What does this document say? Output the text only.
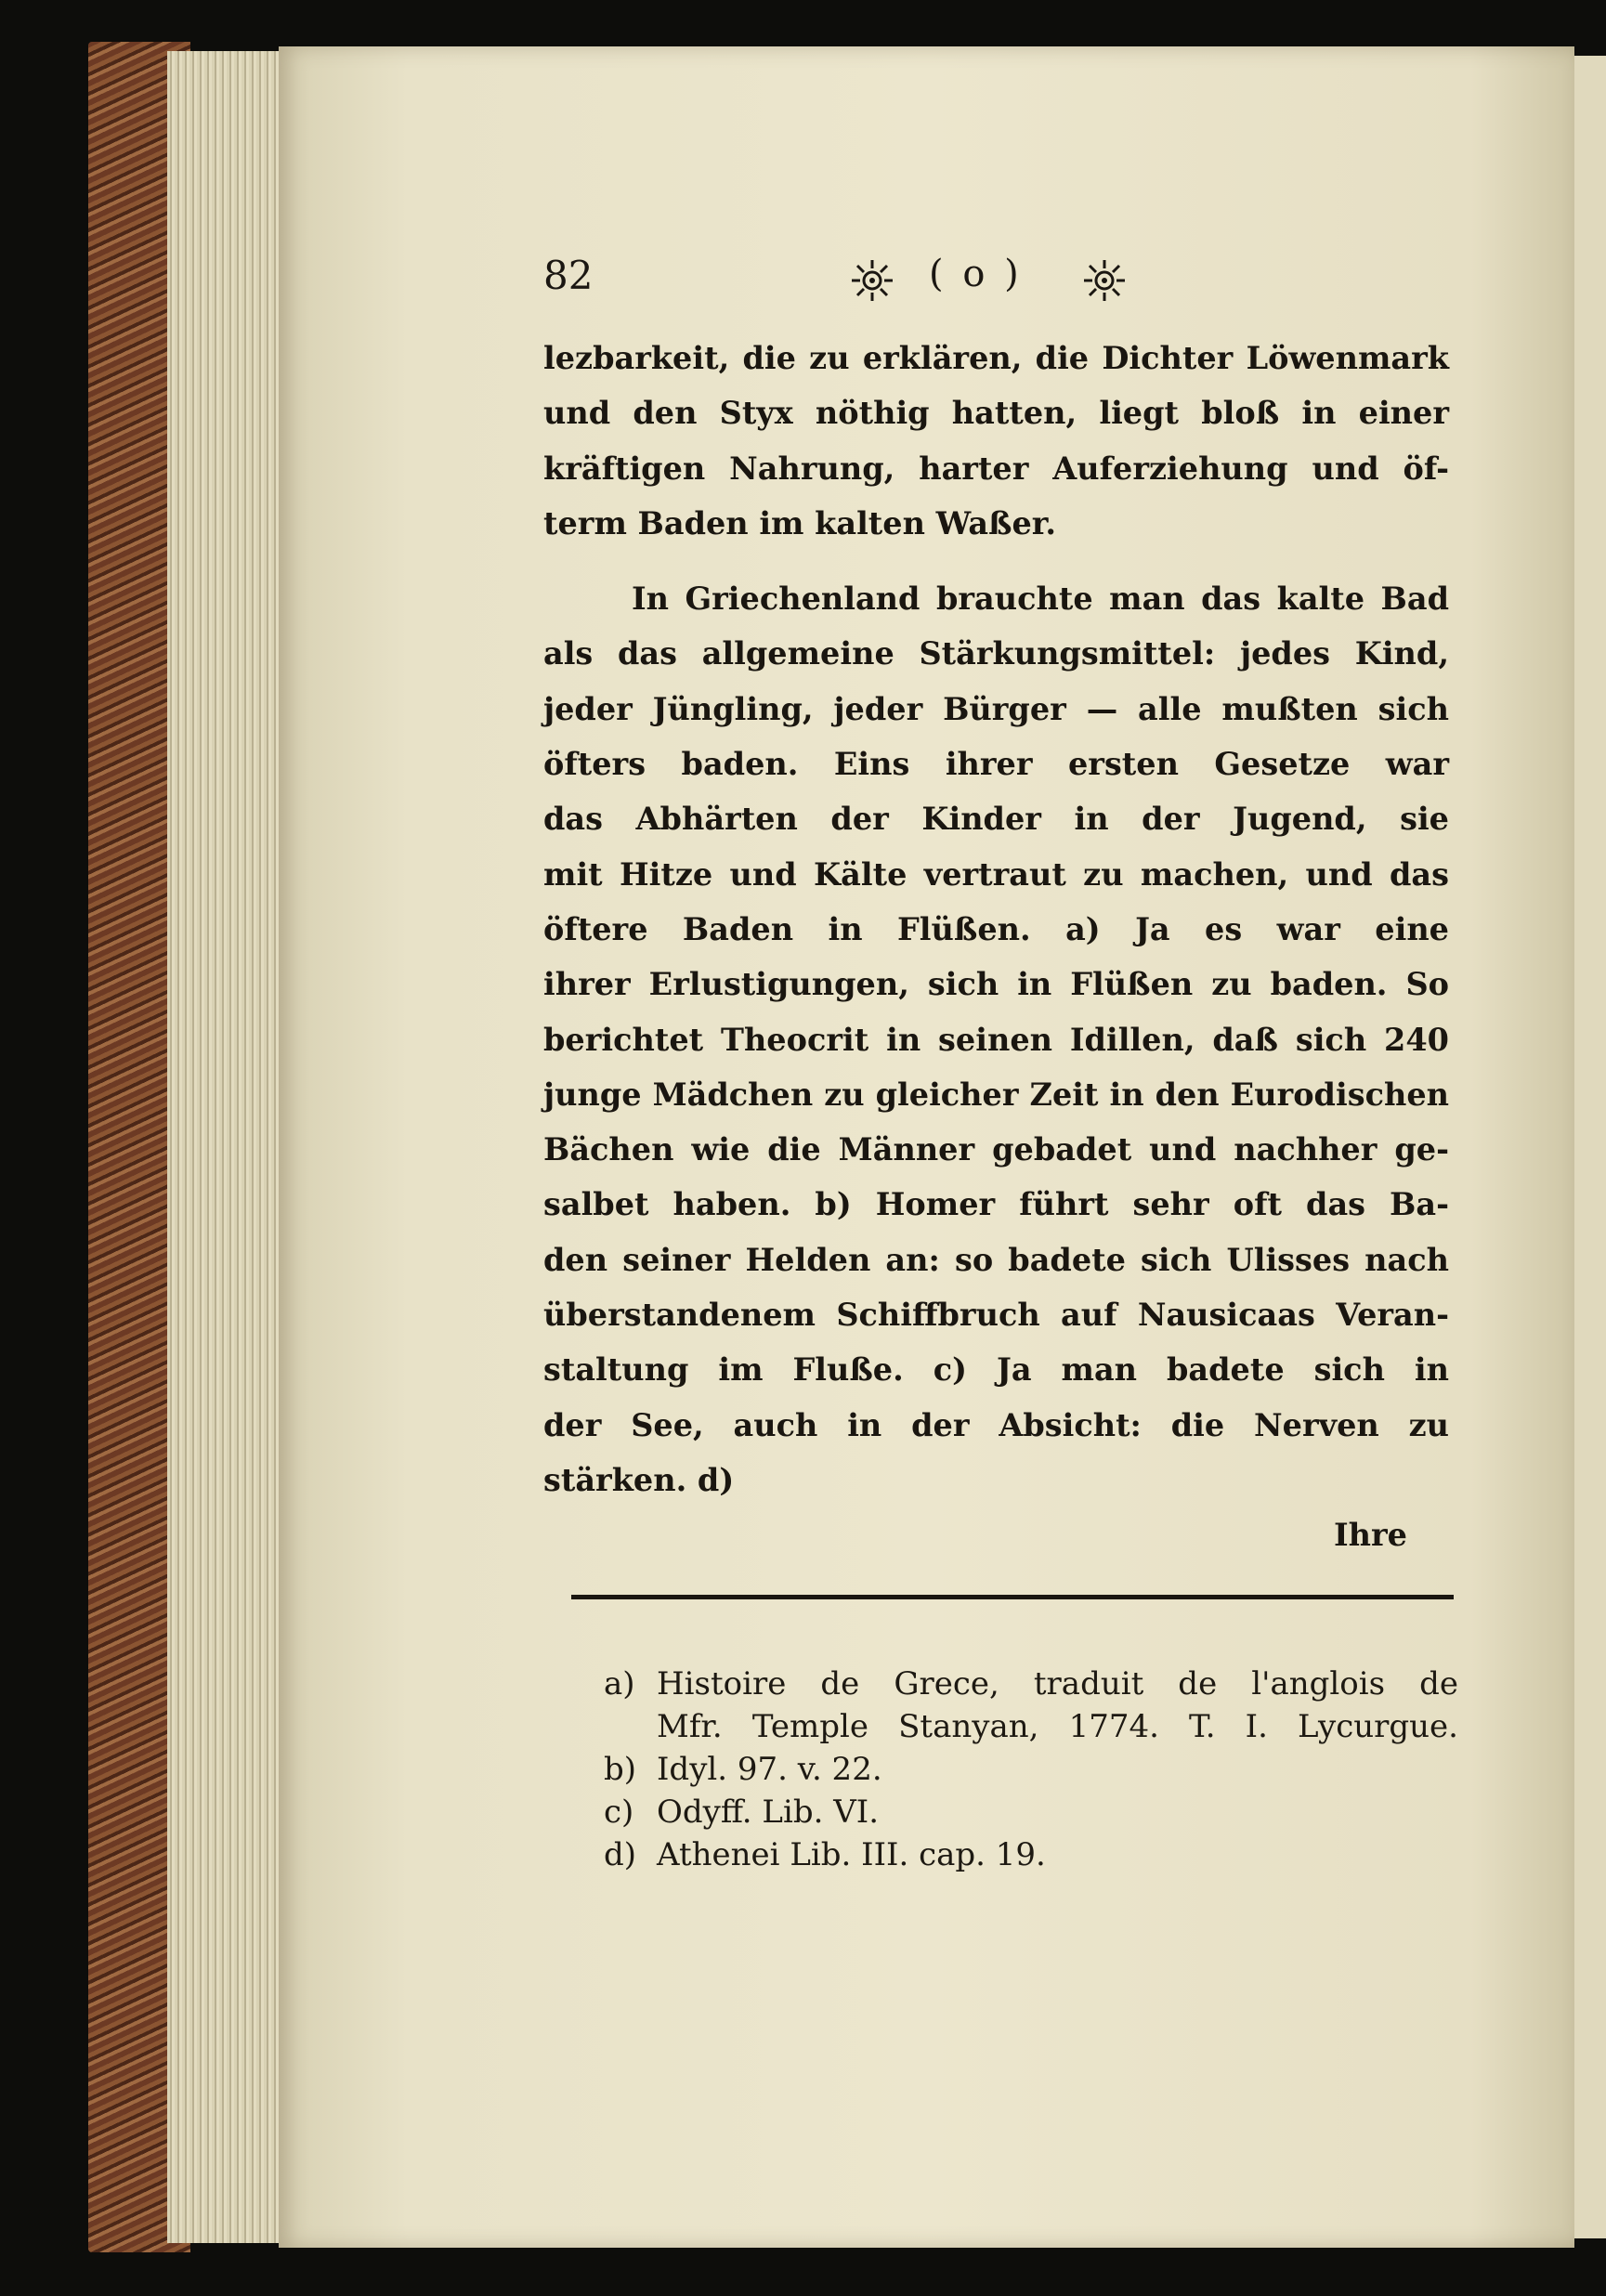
82	( o )
lezbarkeit, die zu erklären, die Dichter Löwenmark
und den Styx nöthig hatten, liegt bloß in einer
kräftigen Nahrung, harter Auferziehung und öf-
term Baden im kalten Waßer.
In Griechenland brauchte man das kalte Bad
als das allgemeine Stärkungsmittel: jedes Kind,
jeder Jüngling, jeder Bürger — alle mußten sich
öfters baden. Eins ihrer ersten Gesetze war
das Abhärten der Kinder in der Jugend, sie
mit Hitze und Kälte vertraut zu machen, und das
öftere Baden in Flüßen. a) Ja es war eine
ihrer Erlustigungen, sich in Flüßen zu baden. So
berichtet Theocrit in seinen Idillen, daß sich 240
junge Mädchen zu gleicher Zeit in den Eurodischen
Bächen wie die Männer gebadet und nachher ge-
salbet haben. b) Homer führt sehr oft das Ba-
den seiner Helden an: so badete sich Ulisses nach
überstandenem Schiffbruch auf Nausicaas Veran-
staltung im Fluße. c) Ja man badete sich in
der See, auch in der Absicht: die Nerven zu
stärken. d)
Ihre
a) Histoire de Grece, traduit de l'anglois de
Mfr. Temple Stanyan, 1774. T. I. Lycurgue.
b) Idyl. 97. v. 22.
c) Odyff. Lib. VI.
d) Athenei Lib. III. cap. 19.
